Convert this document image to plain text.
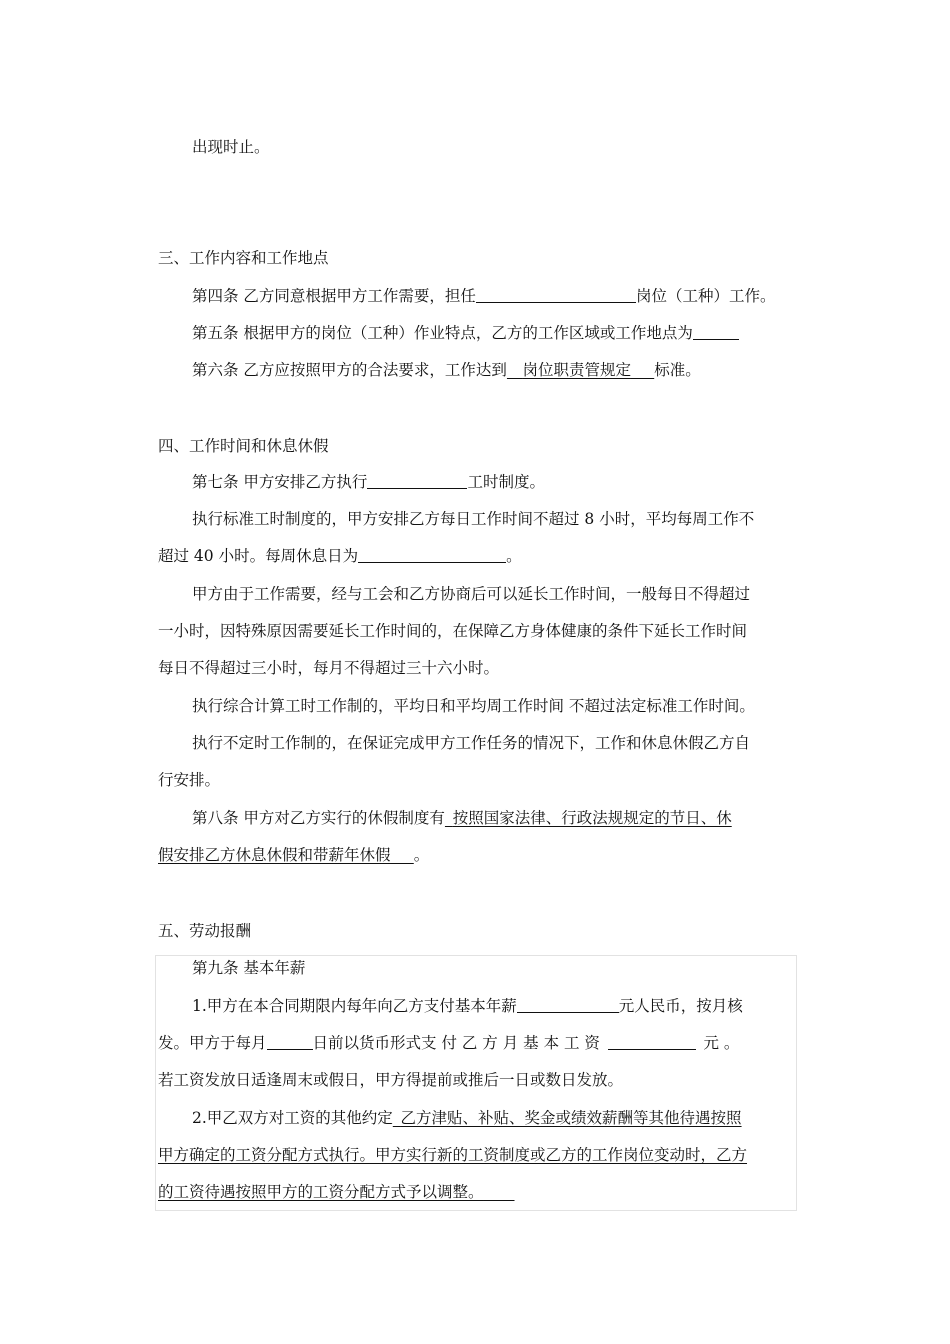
出现时止。
三、工作内容和工作地点
第四条 乙方同意根据甲方工作需要，担任	岗位（工种）工作。
第五条 根据甲方的岗位（工种）作业特点，乙方的工作区域或工作地点为
第六条 乙方应按照甲方的合法要求，工作达到  岗位职责管规定   标准。
四、工作时间和休息休假
第七条 甲方安排乙方执行	工时制度。
执行标准工时制度的，甲方安排乙方每日工作时间不超过 8 小时，平均每周工作不
超过 40 小时。每周休息日为	。
甲方由于工作需要，经与工会和乙方协商后可以延长工作时间，一般每日不得超过
一小时，因特殊原因需要延长工作时间的，在保障乙方身体健康的条件下延长工作时间
每日不得超过三小时，每月不得超过三十六小时。
执行综合计算工时工作制的，平均日和平均周工作时间 不超过法定标准工作时间。
执行不定时工作制的，在保证完成甲方工作任务的情况下，工作和休息休假乙方自
行安排。
第八条 甲方对乙方实行的休假制度有  按照国家法律、行政法规规定的节日、休
假安排乙方休息休假和带薪年休假   。
五、劳动报酬
第九条 基本年薪
1.甲方在本合同期限内每年向乙方支付基本年薪	元人民币，按月核
发。甲方于每月	日前以货币形式支 付 乙 方 月 基 本 工 资  	元 。
若工资发放日适逢周末或假日，甲方得提前或推后一日或数日发放。
2.甲乙双方对工资的其他约定  乙方津贴、补贴、奖金或绩效薪酬等其他待遇按照
甲方确定的工资分配方式执行。甲方实行新的工资制度或乙方的工作岗位变动时，乙方
的工资待遇按照甲方的工资分配方式予以调整。  
